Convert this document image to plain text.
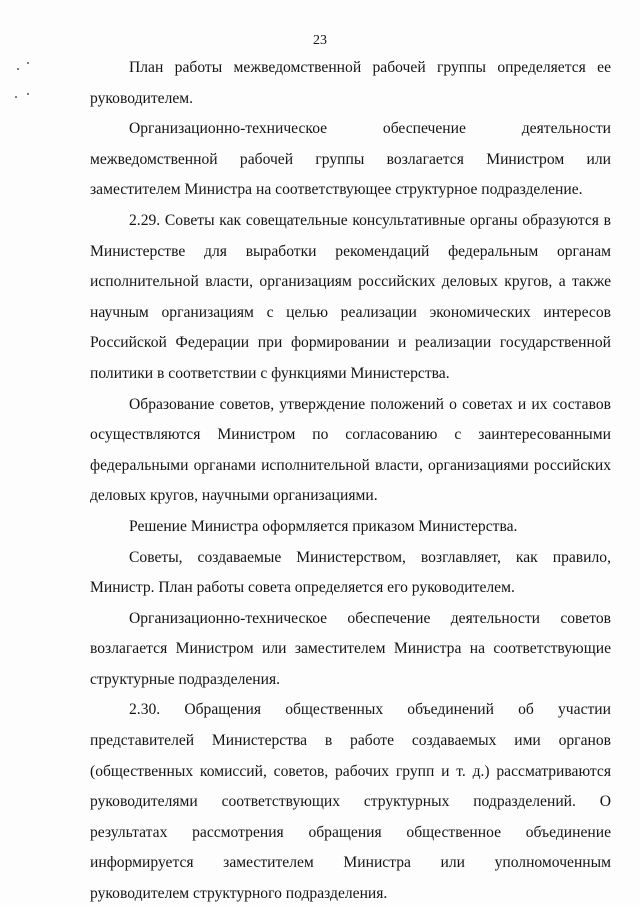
23

План работы межведомственной рабочей группы определяется ее руководителем.

Организационно-техническое обеспечение деятельности межведомственной рабочей группы возлагается Министром или заместителем Министра на соответствующее структурное подразделение.

2.29. Советы как совещательные консультативные органы образуются в Министерстве для выработки рекомендаций федеральным органам исполнительной власти, организациям российских деловых кругов, а также научным организациям с целью реализации экономических интересов Российской Федерации при формировании и реализации государственной политики в соответствии с функциями Министерства.

Образование советов, утверждение положений о советах и их составов осуществляются Министром по согласованию с заинтересованными федеральными органами исполнительной власти, организациями российских деловых кругов, научными организациями.

Решение Министра оформляется приказом Министерства.

Советы, создаваемые Министерством, возглавляет, как правило, Министр. План работы совета определяется его руководителем.

Организационно-техническое обеспечение деятельности советов возлагается Министром или заместителем Министра на соответствующие структурные подразделения.

2.30. Обращения общественных объединений об участии представителей Министерства в работе создаваемых ими органов (общественных комиссий, советов, рабочих групп и т. д.) рассматриваются руководителями соответствующих структурных подразделений. О результатах рассмотрения обращения общественное объединение информируется заместителем Министра или уполномоченным руководителем структурного подразделения.
